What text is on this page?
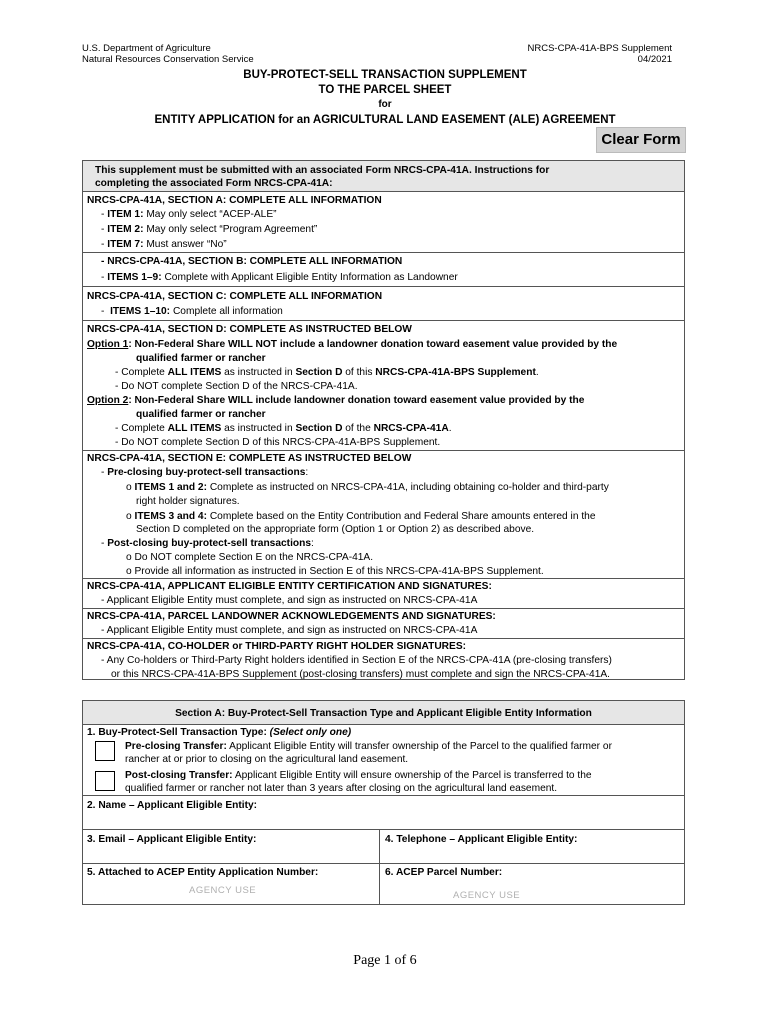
U.S. Department of Agriculture
Natural Resources Conservation Service
NRCS-CPA-41A-BPS Supplement
04/2021
BUY-PROTECT-SELL TRANSACTION SUPPLEMENT
TO THE PARCEL SHEET
for
ENTITY APPLICATION for an AGRICULTURAL LAND EASEMENT (ALE) AGREEMENT
Clear Form
This supplement must be submitted with an associated Form NRCS-CPA-41A. Instructions for
completing the associated Form NRCS-CPA-41A:
NRCS-CPA-41A, SECTION A: COMPLETE ALL INFORMATION
- ITEM 1: May only select “ACEP-ALE”
- ITEM 2: May only select “Program Agreement”
- ITEM 7: Must answer “No”
- NRCS-CPA-41A, SECTION B: COMPLETE ALL INFORMATION
- ITEMS 1–9: Complete with Applicant Eligible Entity Information as Landowner
NRCS-CPA-41A, SECTION C: COMPLETE ALL INFORMATION
-  ITEMS 1–10: Complete all information
NRCS-CPA-41A, SECTION D: COMPLETE AS INSTRUCTED BELOW
Option 1: Non-Federal Share WILL NOT include a landowner donation toward easement value provided by the
qualified farmer or rancher
- Complete ALL ITEMS as instructed in Section D of this NRCS-CPA-41A-BPS Supplement.
- Do NOT complete Section D of the NRCS-CPA-41A.
Option 2: Non-Federal Share WILL include landowner donation toward easement value provided by the
qualified farmer or rancher
- Complete ALL ITEMS as instructed in Section D of the NRCS-CPA-41A.
- Do NOT complete Section D of this NRCS-CPA-41A-BPS Supplement.
NRCS-CPA-41A, SECTION E: COMPLETE AS INSTRUCTED BELOW
- Pre-closing buy-protect-sell transactions:
o ITEMS 1 and 2: Complete as instructed on NRCS-CPA-41A, including obtaining co-holder and third-party
right holder signatures.
o ITEMS 3 and 4: Complete based on the Entity Contribution and Federal Share amounts entered in the
Section D completed on the appropriate form (Option 1 or Option 2) as described above.
- Post-closing buy-protect-sell transactions:
o Do NOT complete Section E on the NRCS-CPA-41A.
o Provide all information as instructed in Section E of this NRCS-CPA-41A-BPS Supplement.
NRCS-CPA-41A, APPLICANT ELIGIBLE ENTITY CERTIFICATION AND SIGNATURES:
- Applicant Eligible Entity must complete, and sign as instructed on NRCS-CPA-41A
NRCS-CPA-41A, PARCEL LANDOWNER ACKNOWLEDGEMENTS AND SIGNATURES:
- Applicant Eligible Entity must complete, and sign as instructed on NRCS-CPA-41A
NRCS-CPA-41A, CO-HOLDER or THIRD-PARTY RIGHT HOLDER SIGNATURES:
- Any Co-holders or Third-Party Right holders identified in Section E of the NRCS-CPA-41A (pre-closing transfers)
or this NRCS-CPA-41A-BPS Supplement (post-closing transfers) must complete and sign the NRCS-CPA-41A.
Section A: Buy-Protect-Sell Transaction Type and Applicant Eligible Entity Information
1. Buy-Protect-Sell Transaction Type: (Select only one)
Pre-closing Transfer: Applicant Eligible Entity will transfer ownership of the Parcel to the qualified farmer or
rancher at or prior to closing on the agricultural land easement.
Post-closing Transfer: Applicant Eligible Entity will ensure ownership of the Parcel is transferred to the
qualified farmer or rancher not later than 3 years after closing on the agricultural land easement.
2. Name – Applicant Eligible Entity:
3. Email – Applicant Eligible Entity:	4. Telephone – Applicant Eligible Entity:
5. Attached to ACEP Entity Application Number:
AGENCY USE
6. ACEP Parcel Number:
AGENCY USE
Page 1 of 6
